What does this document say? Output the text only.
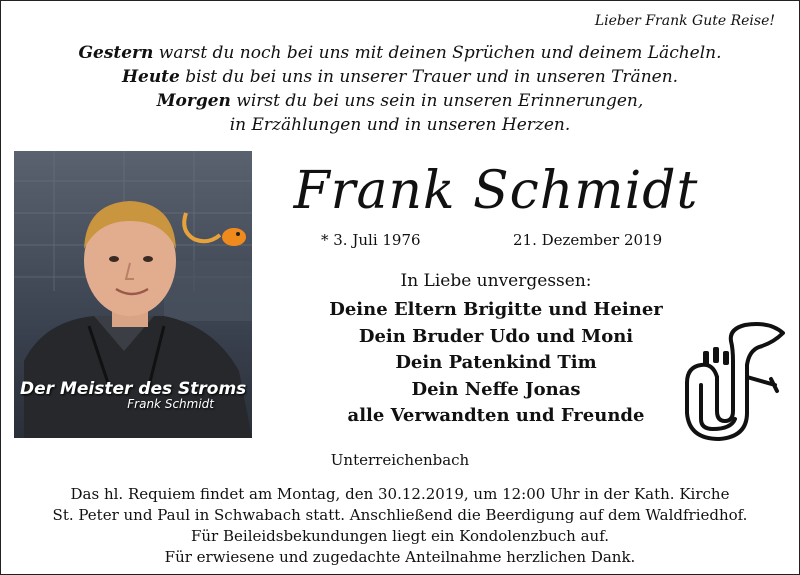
Lieber Frank Gute Reise!
Gestern warst du noch bei uns mit deinen Sprüchen und deinem Lächeln.
Heute bist du bei uns in unserer Trauer und in unseren Tränen.
Morgen wirst du bei uns sein in unseren Erinnerungen,
in Erzählungen und in unseren Herzen.
Der Meister des Stroms
Frank Schmidt
Frank Schmidt
* 3. Juli 1976	21. Dezember 2019
In Liebe unvergessen:
Deine Eltern Brigitte und Heiner
Dein Bruder Udo und Moni
Dein Patenkind Tim
Dein Neffe Jonas
alle Verwandten und Freunde
Unterreichenbach
Das hl. Requiem findet am Montag, den 30.12.2019, um 12:00 Uhr in der Kath. Kirche
St. Peter und Paul in Schwabach statt. Anschließend die Beerdigung auf dem Waldfriedhof.
Für Beileidsbekundungen liegt ein Kondolenzbuch auf.
Für erwiesene und zugedachte Anteilnahme herzlichen Dank.
